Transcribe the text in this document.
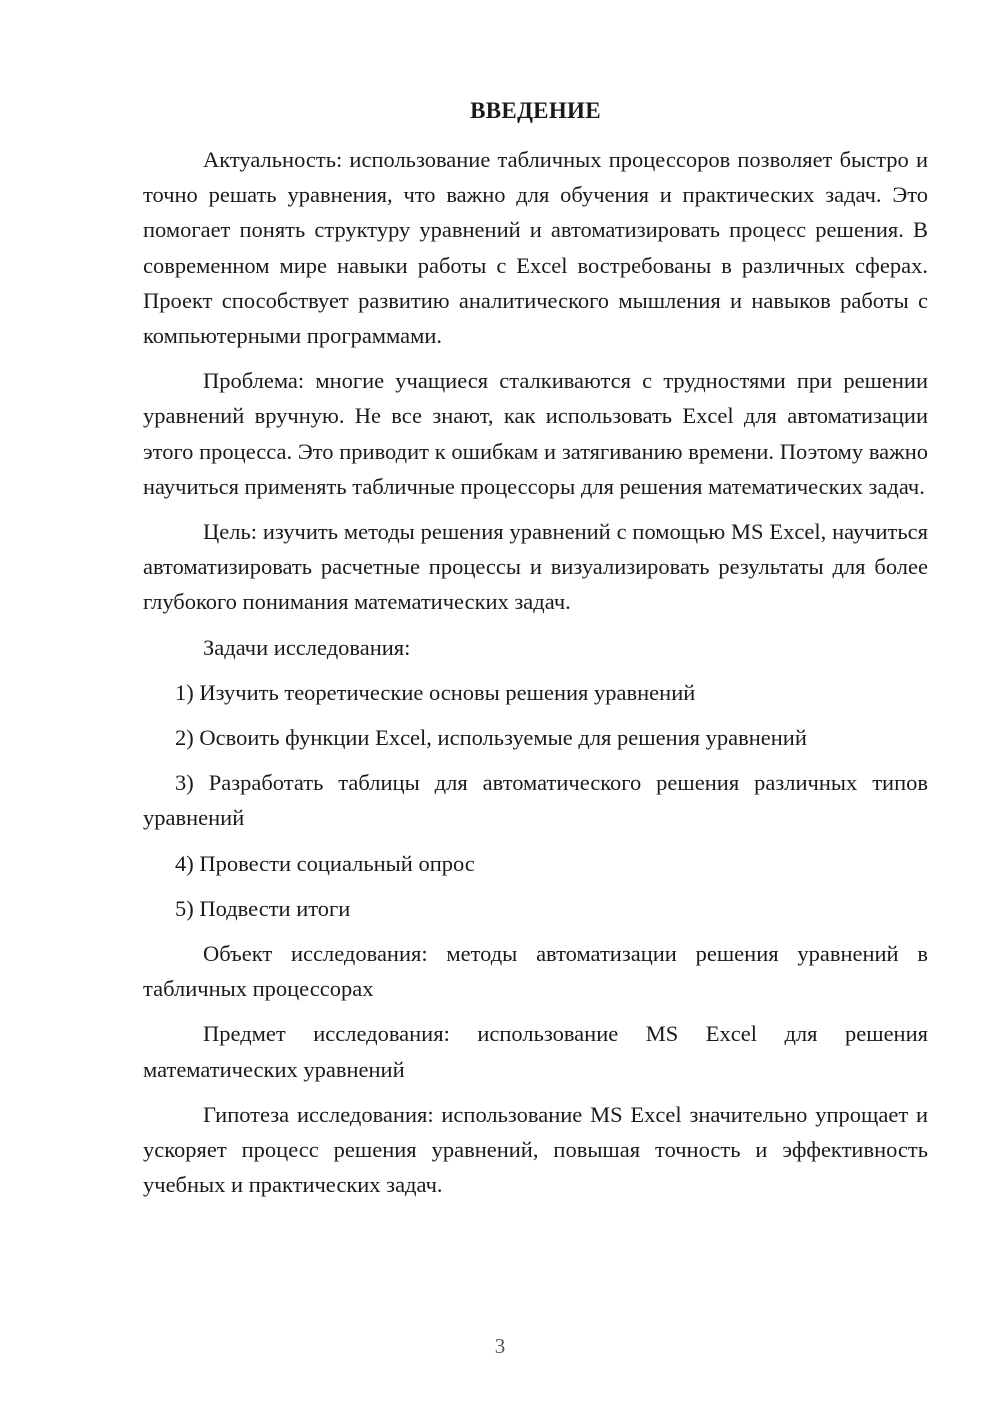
ВВЕДЕНИЕ

Актуальность: использование табличных процессоров позволяет быстро и точно решать уравнения, что важно для обучения и практических задач. Это помогает понять структуру уравнений и автоматизировать процесс решения. В современном мире навыки работы с Excel востребованы в различных сферах. Проект способствует развитию аналитического мышления и навыков работы с компьютерными программами.

Проблема: многие учащиеся сталкиваются с трудностями при решении уравнений вручную. Не все знают, как использовать Excel для автоматизации этого процесса. Это приводит к ошибкам и затягиванию времени. Поэтому важно научиться применять табличные процессоры для решения математических задач.

Цель: изучить методы решения уравнений с помощью MS Excel, научиться автоматизировать расчетные процессы и визуализировать результаты для более глубокого понимания математических задач.

Задачи исследования:

1) Изучить теоретические основы решения уравнений
2) Освоить функции Excel, используемые для решения уравнений
3) Разработать таблицы для автоматического решения различных типов уравнений
4) Провести социальный опрос
5) Подвести итоги

Объект исследования: методы автоматизации решения уравнений в табличных процессорах

Предмет исследования: использование MS Excel для решения математических уравнений

Гипотеза исследования: использование MS Excel значительно упрощает и ускоряет процесс решения уравнений, повышая точность и эффективность учебных и практических задач.

3
